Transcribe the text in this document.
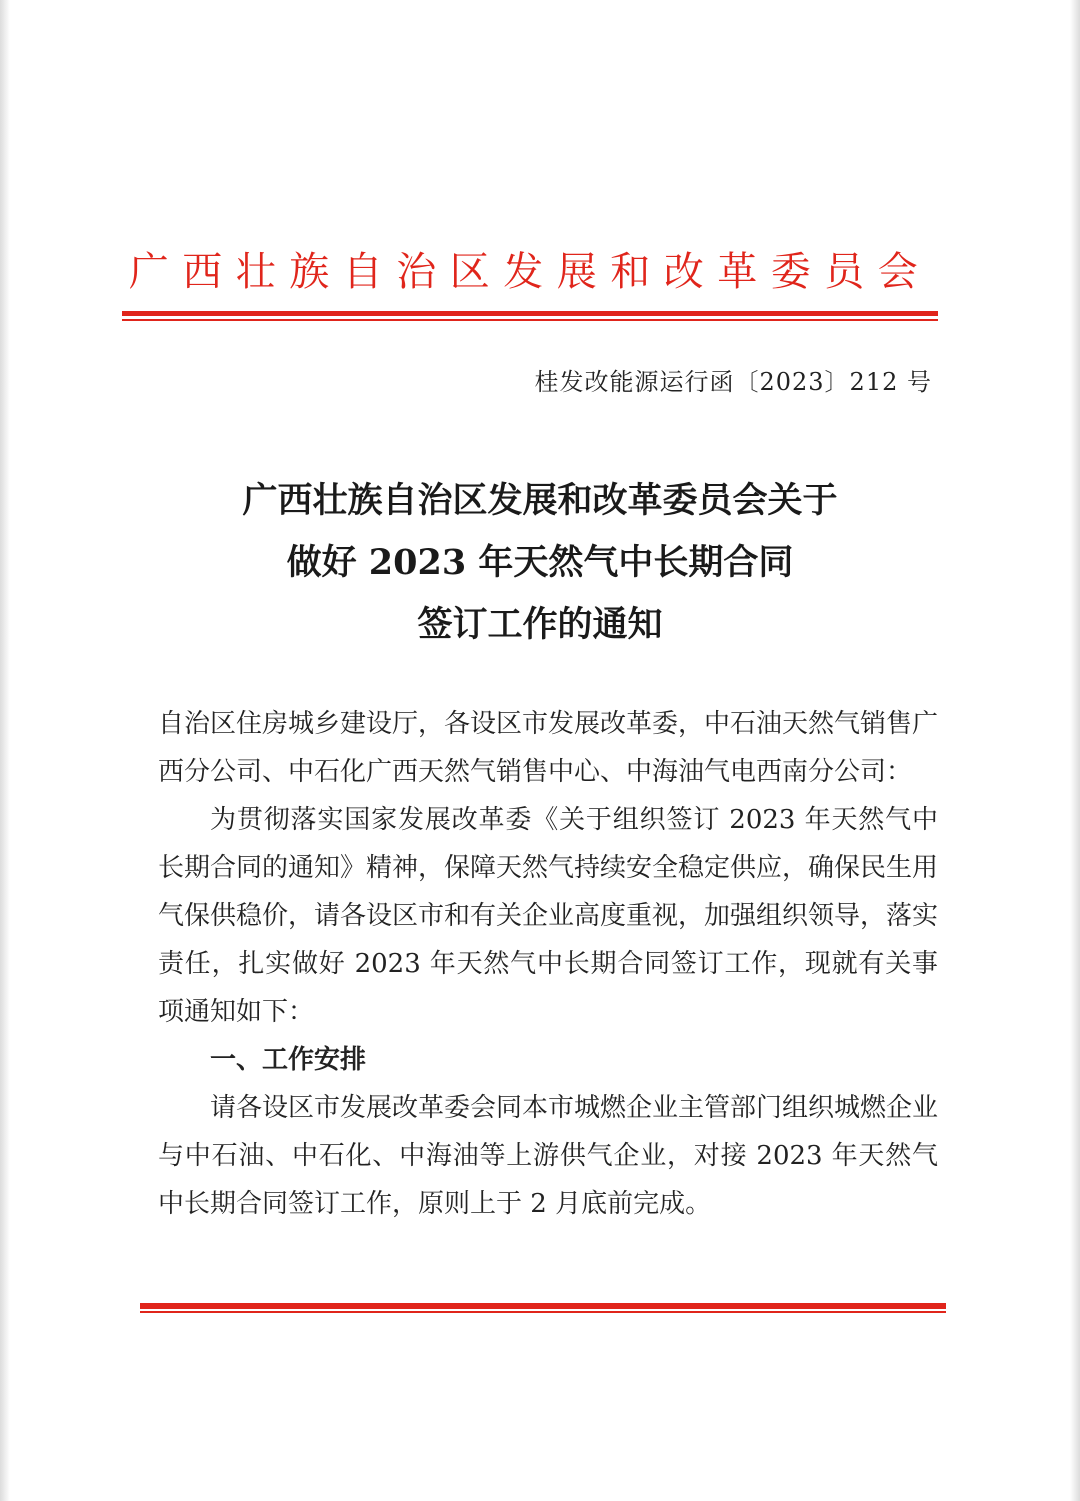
广西壮族自治区发展和改革委员会
桂发改能源运行函〔2023〕212 号
广西壮族自治区发展和改革委员会关于
做好 2023 年天然气中长期合同
签订工作的通知

自治区住房城乡建设厅，各设区市发展改革委，中石油天然气销售广西分公司、中石化广西天然气销售中心、中海油气电西南分公司：

为贯彻落实国家发展改革委《关于组织签订 2023 年天然气中长期合同的通知》精神，保障天然气持续安全稳定供应，确保民生用气保供稳价，请各设区市和有关企业高度重视，加强组织领导，落实责任，扎实做好 2023 年天然气中长期合同签订工作，现就有关事项通知如下：

一、工作安排

请各设区市发展改革委会同本市城燃企业主管部门组织城燃企业与中石油、中石化、中海油等上游供气企业，对接 2023 年天然气中长期合同签订工作，原则上于 2 月底前完成。
